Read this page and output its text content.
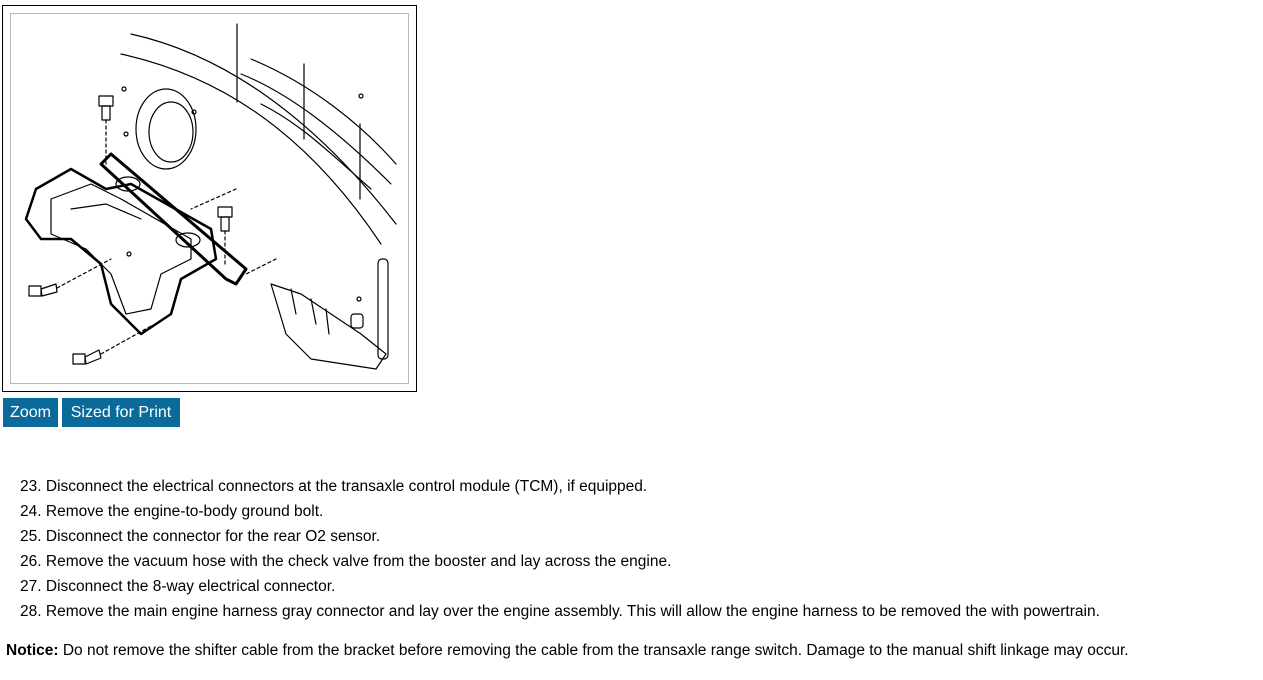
Zoom	Sized for Print
23. Disconnect the electrical connectors at the transaxle control module (TCM), if equipped.
24. Remove the engine-to-body ground bolt.
25. Disconnect the connector for the rear O2 sensor.
26. Remove the vacuum hose with the check valve from the booster and lay across the engine.
27. Disconnect the 8-way electrical connector.
28. Remove the main engine harness gray connector and lay over the engine assembly. This will allow the engine harness to be removed the with powertrain.
Notice: Do not remove the shifter cable from the bracket before removing the cable from the transaxle range switch. Damage to the manual shift linkage may occur.
